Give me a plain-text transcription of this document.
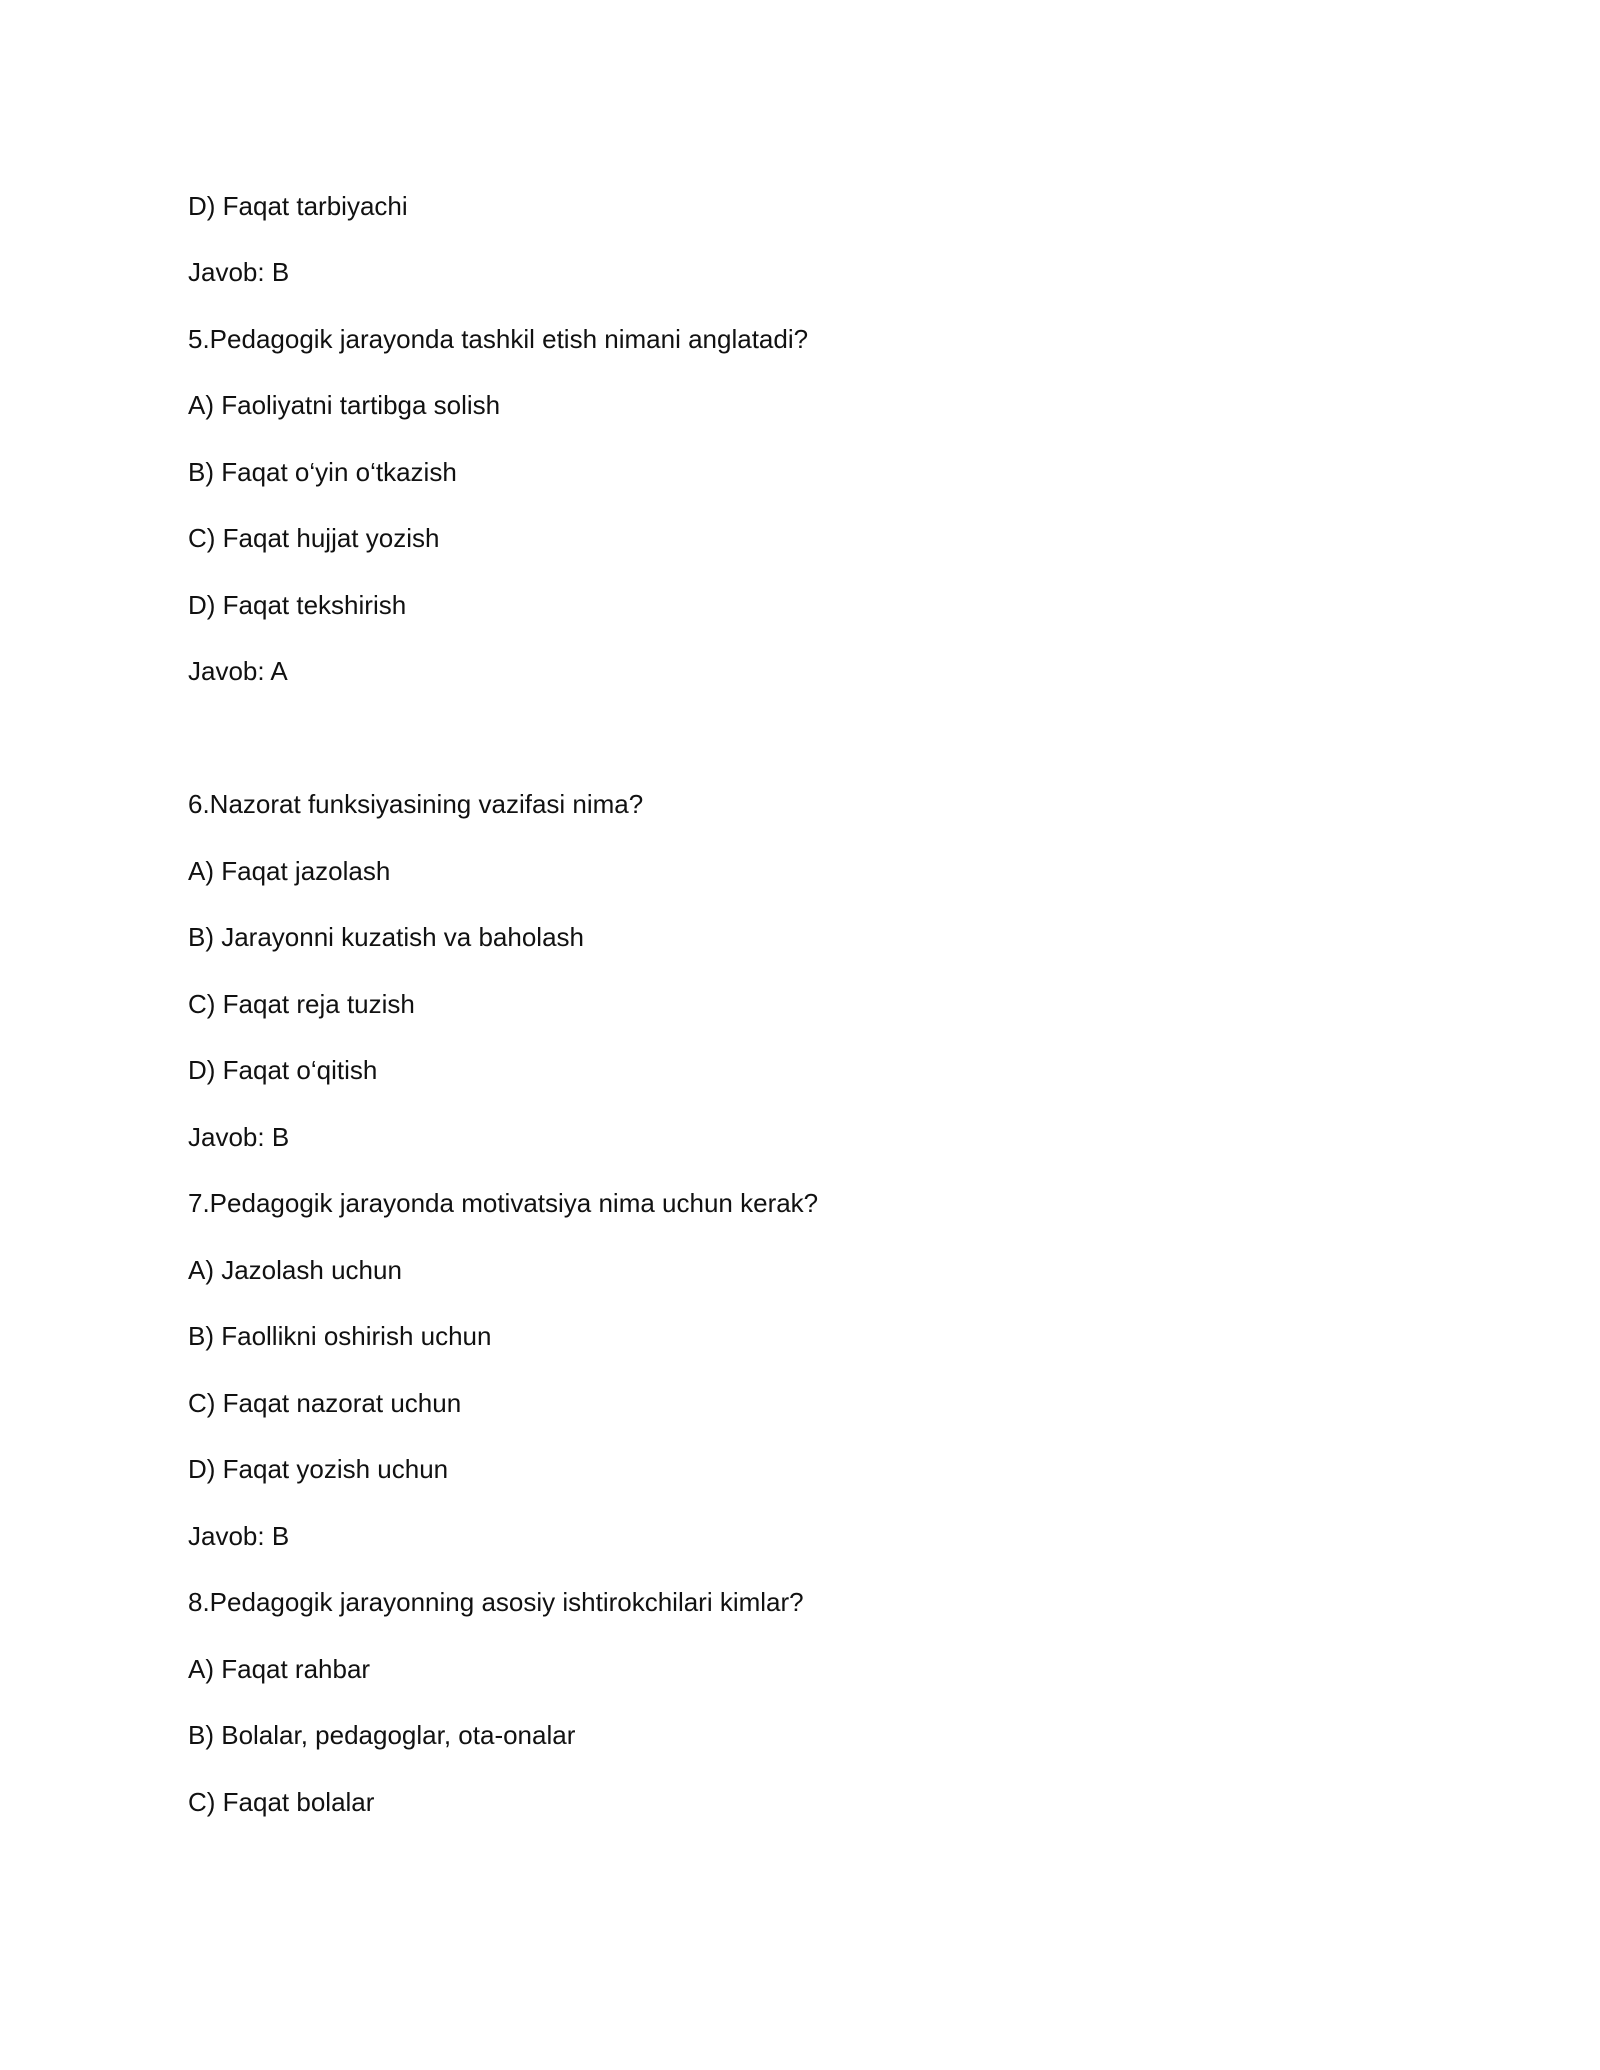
D) Faqat tarbiyachi

Javob: B

5.Pedagogik jarayonda tashkil etish nimani anglatadi?

A) Faoliyatni tartibga solish

B) Faqat o‘yin o‘tkazish

C) Faqat hujjat yozish

D) Faqat tekshirish

Javob: A

6.Nazorat funksiyasining vazifasi nima?

A) Faqat jazolash

B) Jarayonni kuzatish va baholash

C) Faqat reja tuzish

D) Faqat o‘qitish

Javob: B

7.Pedagogik jarayonda motivatsiya nima uchun kerak?

A) Jazolash uchun

B) Faollikni oshirish uchun

C) Faqat nazorat uchun

D) Faqat yozish uchun

Javob: B

8.Pedagogik jarayonning asosiy ishtirokchilari kimlar?

A) Faqat rahbar

B) Bolalar, pedagoglar, ota-onalar

C) Faqat bolalar
